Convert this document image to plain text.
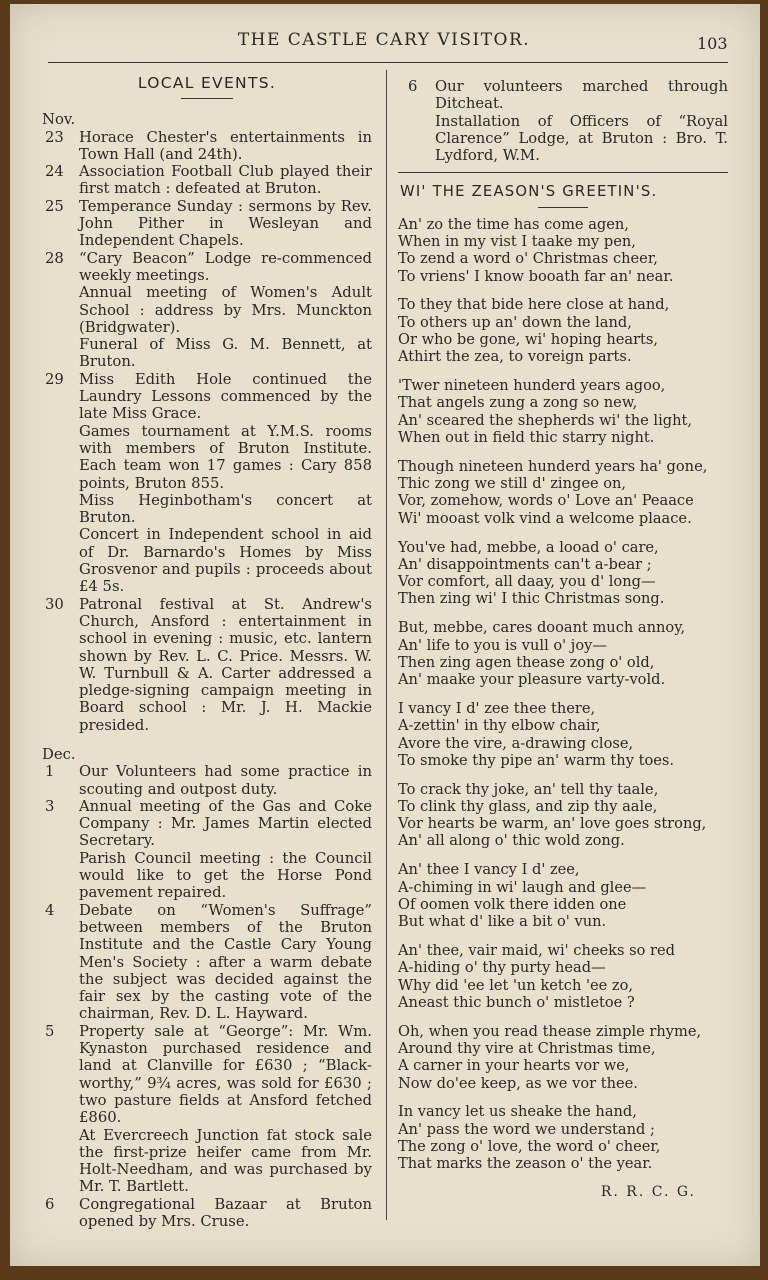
THE CASTLE CARY VISITOR.	103
LOCAL EVENTS.
Nov.
23	Horace Chester's entertainments in Town Hall (and 24th).

24	Association Football Club played their first match : defeated at Bruton.

25	Temperance Sunday : sermons by Rev. John Pither in Wesleyan and Independent Chapels.

28	“Cary Beacon” Lodge re-commenced weekly meetings.

Annual meeting of Women's Adult School : address by Mrs. Munckton (Bridgwater).

Funeral of Miss G. M. Bennett, at Bruton.

29	Miss Edith Hole continued the Laundry Lessons commenced by the late Miss Grace.

Games tournament at Y.M.S. rooms with members of Bruton Institute. Each team won 17 games : Cary 858 points, Bruton 855.

Miss Heginbotham's concert at Bruton.

Concert in Independent school in aid of Dr. Barnardo's Homes by Miss Grosvenor and pupils : proceeds about £4 5s.

30	Patronal festival at St. Andrew's Church, Ansford : entertainment in school in evening : music, etc. lantern shown by Rev. L. C. Price. Messrs. W. W. Turnbull & A. Carter addressed a pledge-signing campaign meeting in Board school : Mr. J. H. Mackie presided.

Dec.
1	Our Volunteers had some practice in scouting and outpost duty.

3	Annual meeting of the Gas and Coke Company : Mr. James Martin elected Secretary.

Parish Council meeting : the Council would like to get the Horse Pond pavement repaired.

4	Debate on “Women's Suffrage” between members of the Bruton Institute and the Castle Cary Young Men's Society : after a warm debate the subject was decided against the fair sex by the casting vote of the chairman, Rev. D. L. Hayward.

5	Property sale at “George”: Mr. Wm. Kynaston purchased residence and land at Clanville for £630 ; “Black-worthy,” 9¾ acres, was sold for £630 ; two pasture fields at Ansford fetched £860.

At Evercreech Junction fat stock sale the first-prize heifer came from Mr. Holt-Needham, and was purchased by Mr. T. Bartlett.

6	Congregational Bazaar at Bruton opened by Mrs. Cruse.

6	Our volunteers marched through Ditcheat.

Installation of Officers of “Royal Clarence” Lodge, at Bruton : Bro. T. Lydford, W.M.

WI' THE ZEASON'S GREETIN'S.
An' zo the time has come agen,
When in my vist I taake my pen,
To zend a word o' Christmas cheer,
To vriens' I know booath far an' near.
To they that bide here close at hand,
To others up an' down the land,
Or who be gone, wi' hoping hearts,
Athirt the zea, to voreign parts.
'Twer nineteen hunderd years agoo,
That angels zung a zong so new,
An' sceared the shepherds wi' the light,
When out in field thic starry night.
Though nineteen hunderd years ha' gone,
Thic zong we still d' zingee on,
Vor, zomehow, words o' Love an' Peaace
Wi' mooast volk vind a welcome plaace.
You've had, mebbe, a looad o' care,
An' disappointments can't a-bear ;
Vor comfort, all daay, you d' long—
Then zing wi' I thic Christmas song.
But, mebbe, cares dooant much annoy,
An' life to you is vull o' joy—
Then zing agen thease zong o' old,
An' maake your pleasure varty-vold.
I vancy I d' zee thee there,
A-zettin' in thy elbow chair,
Avore the vire, a-drawing close,
To smoke thy pipe an' warm thy toes.
To crack thy joke, an' tell thy taale,
To clink thy glass, and zip thy aale,
Vor hearts be warm, an' love goes strong,
An' all along o' thic wold zong.
An' thee I vancy I d' zee,
A-chiming in wi' laugh and glee—
Of oomen volk there idden one
But what d' like a bit o' vun.
An' thee, vair maid, wi' cheeks so red
A-hiding o' thy purty head—
Why did 'ee let 'un ketch 'ee zo,
Aneast thic bunch o' mistletoe ?
Oh, when you read thease zimple rhyme,
Around thy vire at Christmas time,
A carner in your hearts vor we,
Now do'ee keep, as we vor thee.
In vancy let us sheake the hand,
An' pass the word we understand ;
The zong o' love, the word o' cheer,
That marks the zeason o' the year.
R. R. C. G.
